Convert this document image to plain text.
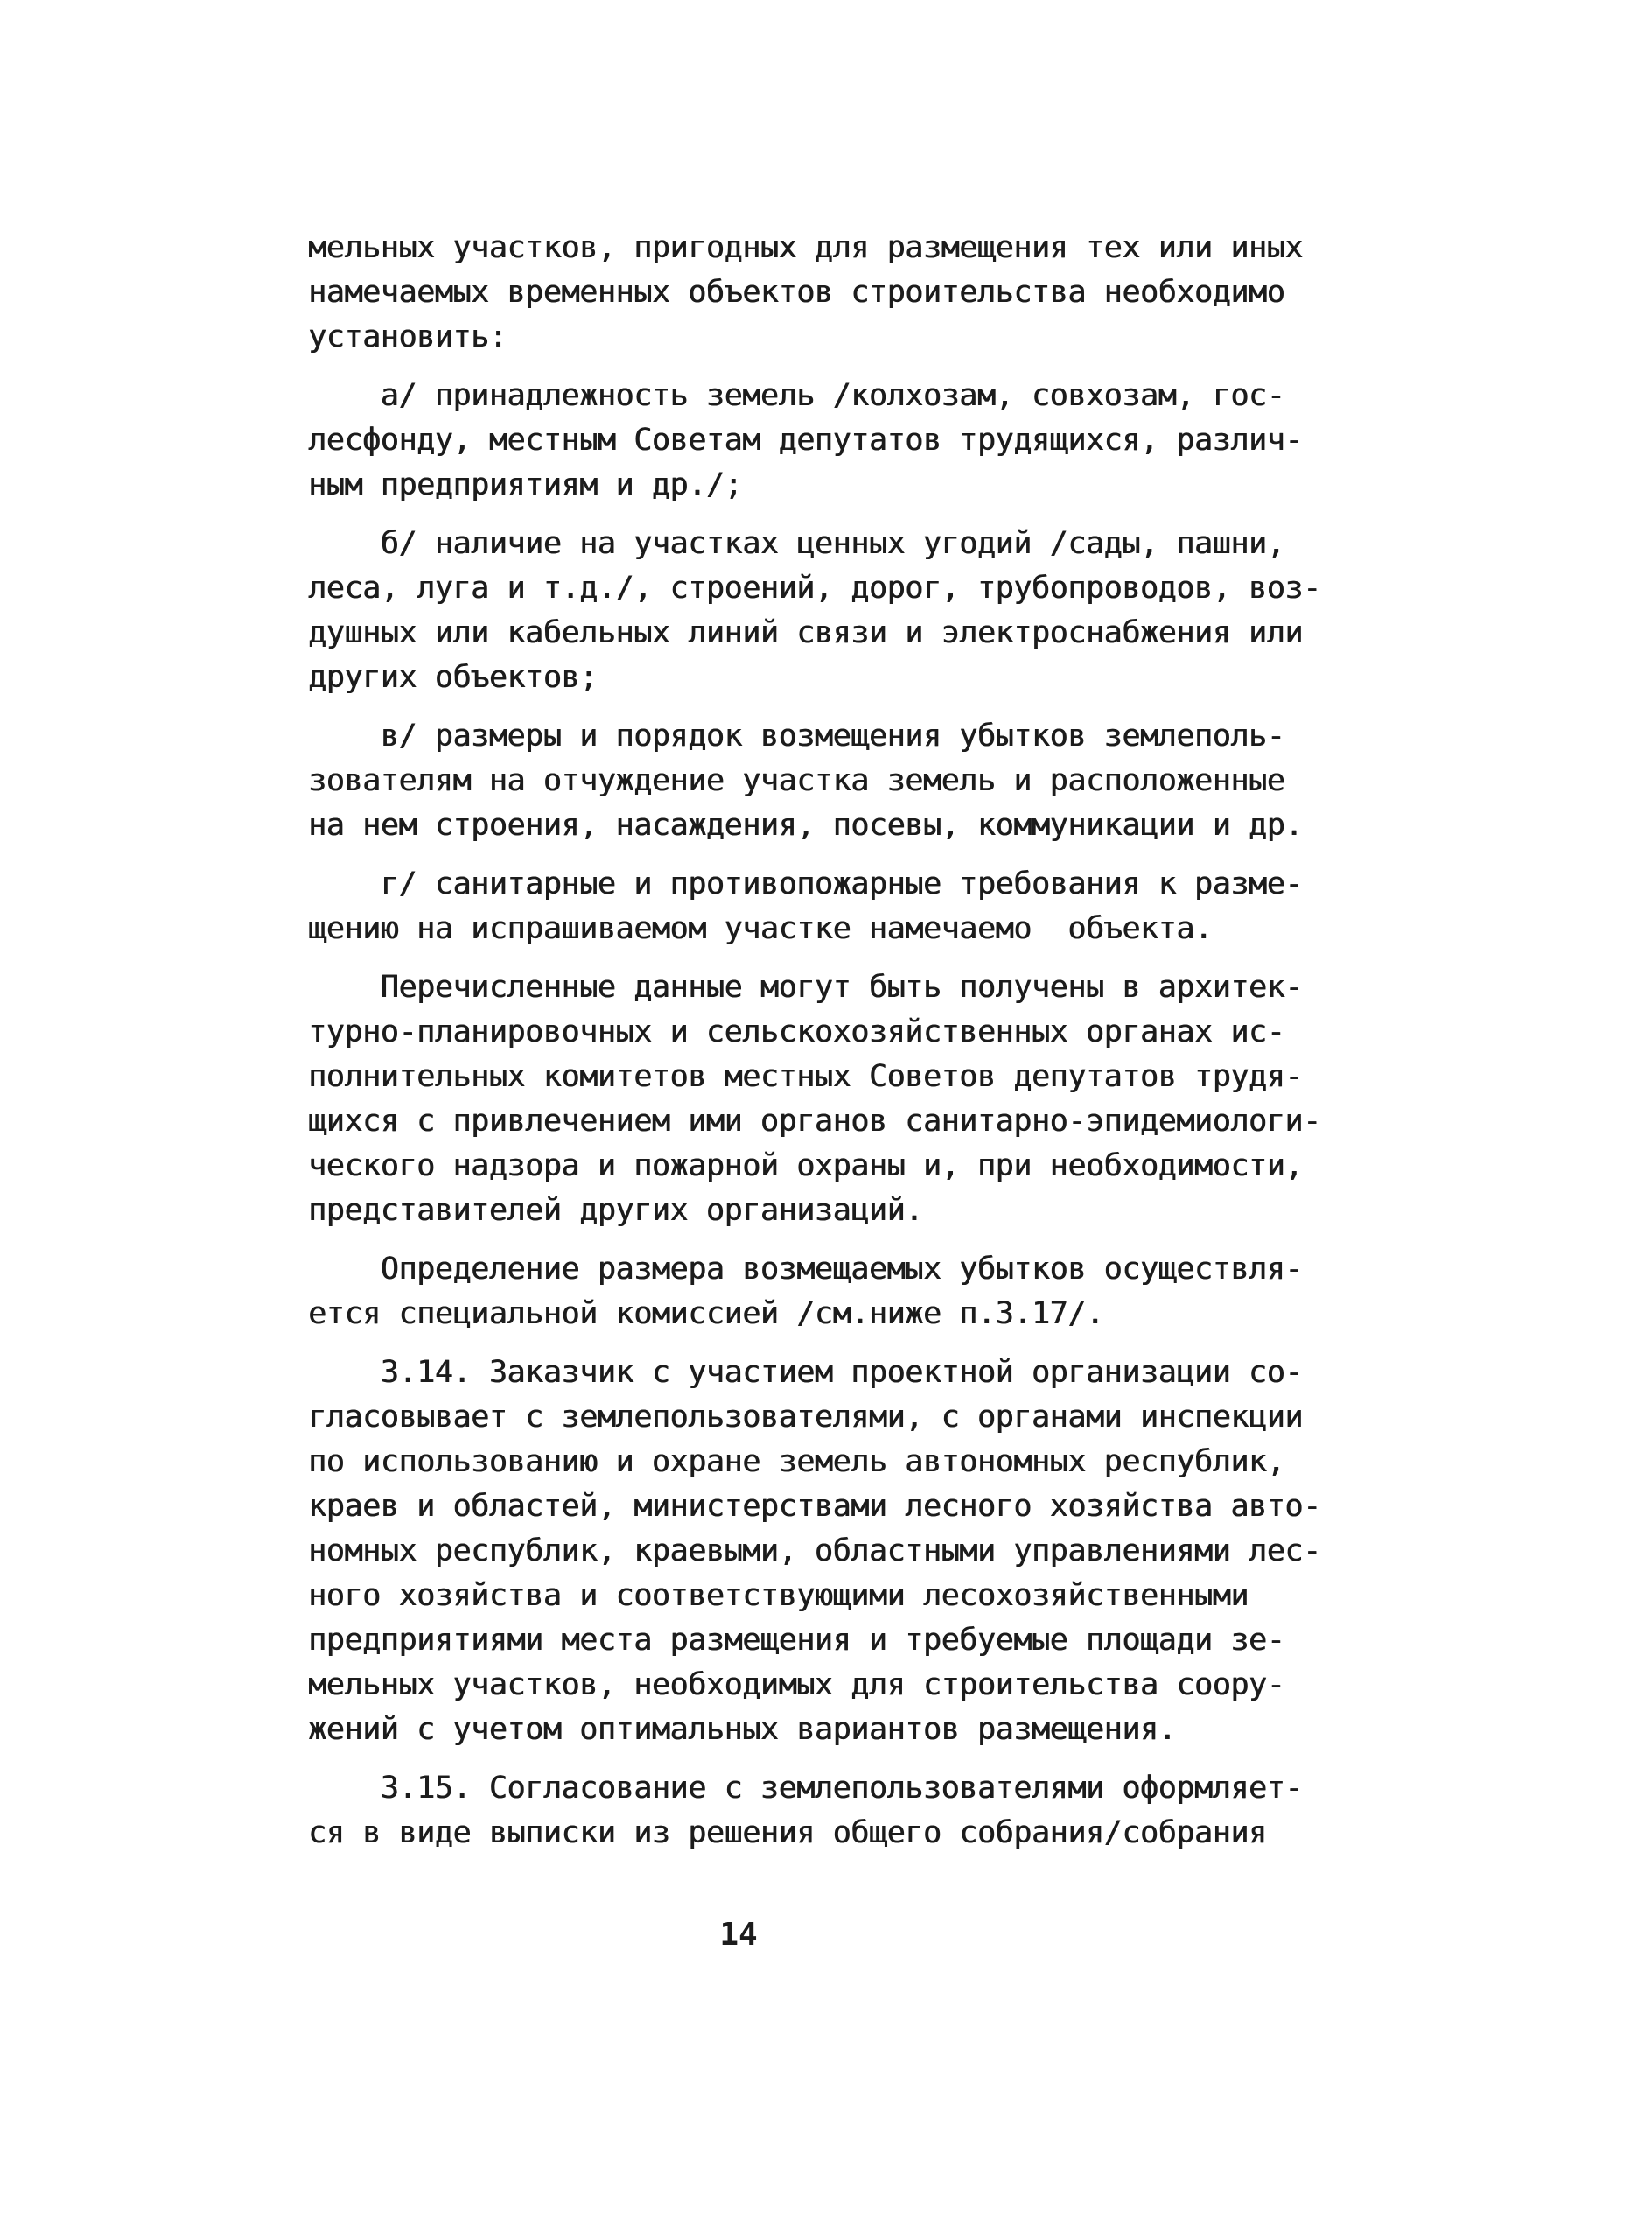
мельных участков, пригодных для размещения тех или иных
намечаемых временных объектов строительства необходимо
установить:
а/ принадлежность земель /колхозам, совхозам, гос-
лесфонду, местным Советам депутатов трудящихся, различ-
ным предприятиям и др./;
б/ наличие на участках ценных угодий /сады, пашни,
леса, луга и т.д./, строений, дорог, трубопроводов, воз-
душных или кабельных линий связи и электроснабжения или
других объектов;
в/ размеры и порядок возмещения убытков землеполь-
зователям на отчуждение участка земель и расположенные
на нем строения, насаждения, посевы, коммуникации и др.
г/ санитарные и противопожарные требования к разме-
щению на испрашиваемом участке намечаемо  объекта.
Перечисленные данные могут быть получены в архитек-
турно-планировочных и сельскохозяйственных органах ис-
полнительных комитетов местных Советов депутатов трудя-
щихся с привлечением ими органов санитарно-эпидемиологи-
ческого надзора и пожарной охраны и, при необходимости,
представителей других организаций.
Определение размера возмещаемых убытков осуществля-
ется специальной комиссией /см.ниже п.3.17/.
3.14. Заказчик с участием проектной организации со-
гласовывает с землепользователями, с органами инспекции
по использованию и охране земель автономных республик,
краев и областей, министерствами лесного хозяйства авто-
номных республик, краевыми, областными управлениями лес-
ного хозяйства и соответствующими лесохозяйственными
предприятиями места размещения и требуемые площади зе-
мельных участков, необходимых для строительства соору-
жений с учетом оптимальных вариантов размещения.
3.15. Согласование с землепользователями оформляет-
ся в виде выписки из решения общего собрания/собрания
14
